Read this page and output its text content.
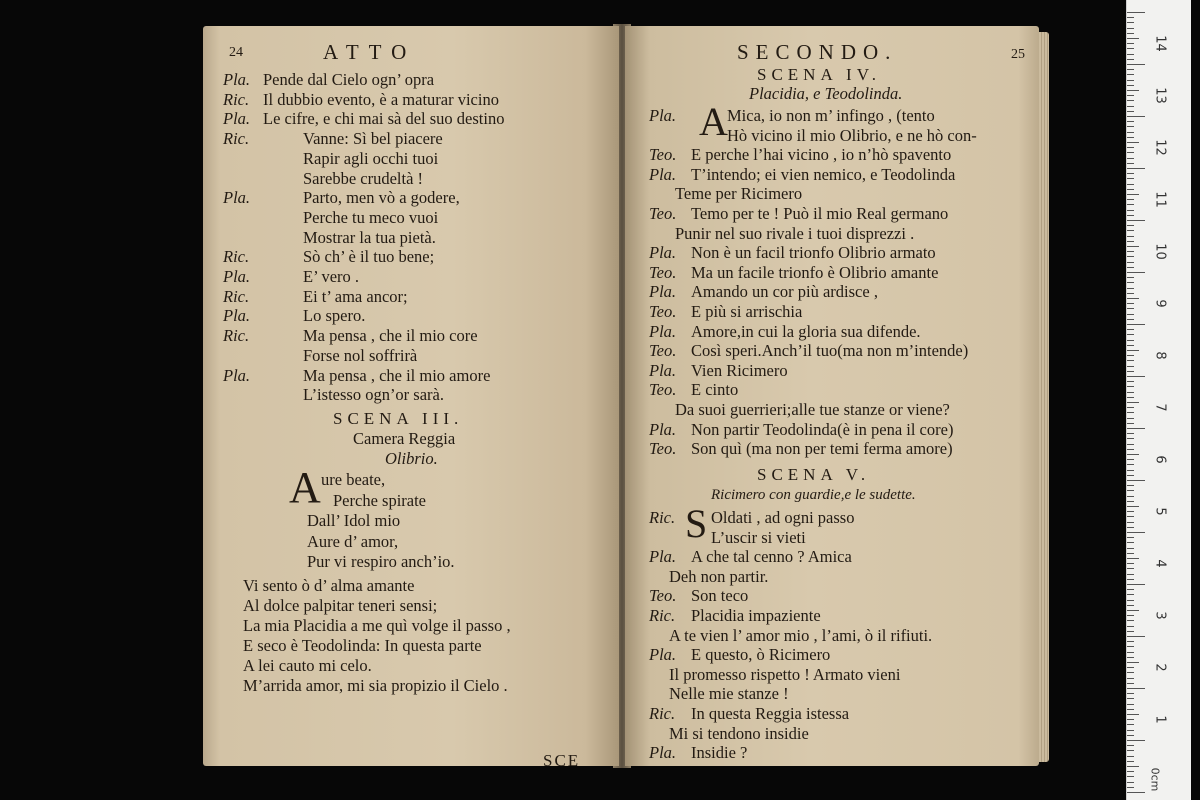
24	ATTO
Pla. Pende dal Cielo ogn’ opra
Ric. Il dubbio evento, è a maturar vicino
Pla. Le cifre, e chi mai sà del suo destino
Ric.	Vanne: Sì bel piacere
Rapir agli occhi tuoi
Sarebbe crudeltà !
Pla.	Parto, men vò a godere,
Perche tu meco vuoi
Mostrar la tua pietà.
Ric.	Sò ch’ è il tuo bene;
Pla.	E’ vero .
Ric.	Ei t’ ama ancor;
Pla.	Lo spero.
Ric.	Ma pensa , che il mio core
Forse nol soffrirà
Pla.	Ma pensa , che il mio amore
L’istesso ogn’or sarà.
SCENA III.
Camera Reggia
Olibrio.
A ure beate,
Perche spirate
Dall’ Idol mio
Aure d’ amor,
Pur vi respiro anch’io.
Vi sento ò d’ alma amante
Al dolce palpitar teneri sensi;
La mia Placidia a me quì volge il passo ,
E seco è Teodolinda: In questa parte
A lei cauto mi celo.
M’arrida amor, mi sia propizio il Cielo .
SCE
SECONDO.	25
SCENA IV.
Placidia, e Teodolinda.
A
Pla.	Mica, io non m’ infingo , (tento
Hò vicino il mio Olibrio, e ne hò con-
Teo. E perche l’hai vicino , io n’hò spavento
Pla. T’intendo; ei vien nemico, e Teodolinda
Teme per Ricimero
Teo. Temo per te ! Può il mio Real germano
Punir nel suo rivale i tuoi disprezzi .
Pla. Non è un facil trionfo Olibrio armato
Teo. Ma un facile trionfo è Olibrio amante
Pla. Amando un cor più ardisce ,
Teo. E più si arrischia
Pla. Amore,in cui la gloria sua difende.
Teo. Così speri.Anch’il tuo(ma non m’intende)
Pla. Vien Ricimero
Teo. E cinto
Da suoi guerrieri;alle tue stanze or viene?
Pla. Non partir Teodolinda(è in pena il core)
Teo. Son quì (ma non per temi ferma amore)
SCENA V.
Ricimero con guardie,e le sudette.
S
Ric. Oldati , ad ogni passo
L’uscir si vieti
Pla. A che tal cenno ? Amica
Deh non partir.
Teo. Son teco
Ric. Placidia impaziente
A te vien l’ amor mio , l’ami, ò il rifiuti.
Pla. E questo, ò Ricimero
Il promesso rispetto ! Armato vieni
Nelle mie stanze !
Ric. In questa Reggia istessa
Mi si tendono insidie
Pla. Insidie ?
14
13
12
11
10
9
8
7
6
5
4
3
2
1
0cm
